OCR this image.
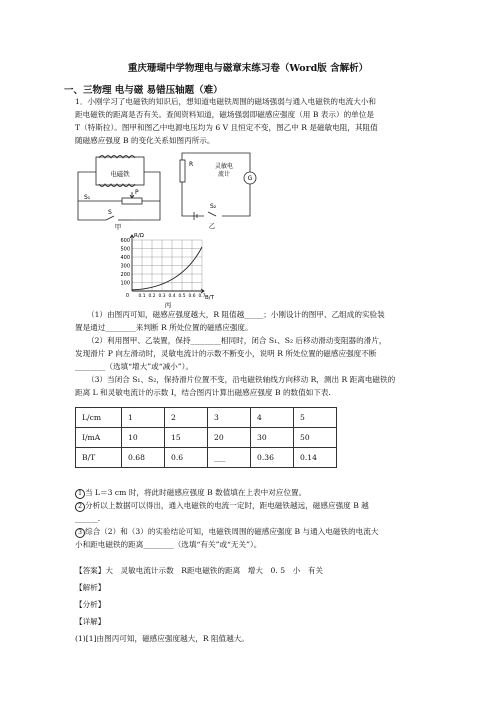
重庆珊瑚中学物理电与磁章末练习卷（Word版 含解析）
一、三物理 电与磁 易错压轴题（难）
1．小刚学习了电磁铁的知识后，想知道电磁铁周围的磁场强弱与通入电磁铁的电流大小和
距电磁铁的距离是否有关。查阅资料知道，磁场强弱即磁感应强度（用 B 表示）的单位是
T（特斯拉）。图甲和图乙中电源电压均为 6 V 且恒定不变，图乙中 R 是磁敏电阻，其阻值
随磁感应强度 B 的变化关系如图丙所示。
电磁铁
S₁
P
S
甲
R
G
灵敏电
流计
S₂
乙
600
500
400
300
200
100
0.1 0.2 0.3 0.4 0.5 0.6 0.7
R/Ω
B/T
0
丙
（1）由图丙可知，磁感应强度越大，R 阻值越_____；小刚设计的图甲、乙组成的实验装
置是通过________来判断 R 所处位置的磁感应强度。
（2）利用图甲、乙装置，保持________相同时，闭合 S₁、S₂ 后移动滑动变阻器的滑片，
发现滑片 P 向左滑动时，灵敏电流计的示数不断变小，说明 R 所处位置的磁感应强度不断
________（选填“增大”或“减小”）。
（3）当闭合 S₁、S₂，保持滑片位置不变，沿电磁铁轴线方向移动 R，测出 R 距离电磁铁的
距离 L 和灵敏电流计的示数 I，结合图丙计算出磁感应强度 B 的数值如下表.
L/cm	1	2	3	4	5
I/mA	10	15	20	30	50
B/T	0.68	0.6	___	0.36	0.14
1 当 L＝3 cm 时，将此时磁感应强度 B 数值填在上表中对应位置。
2 分析以上数据可以得出，通入电磁铁的电流一定时，距电磁铁越远，磁感应强度 B 越
______.
3 综合（2）和（3）的实验结论可知，电磁铁周围的磁感应强度 B 与通入电磁铁的电流大
小和距电磁铁的距离________（选填“有关”或“无关”）。
【答案】大　灵敏电流计示数　R距电磁铁的距离　增大　0. 5　小　有关
【解析】
【分析】
【详解】
(1)[1]由图丙可知，磁感应强度越大，R 阻值越大。
